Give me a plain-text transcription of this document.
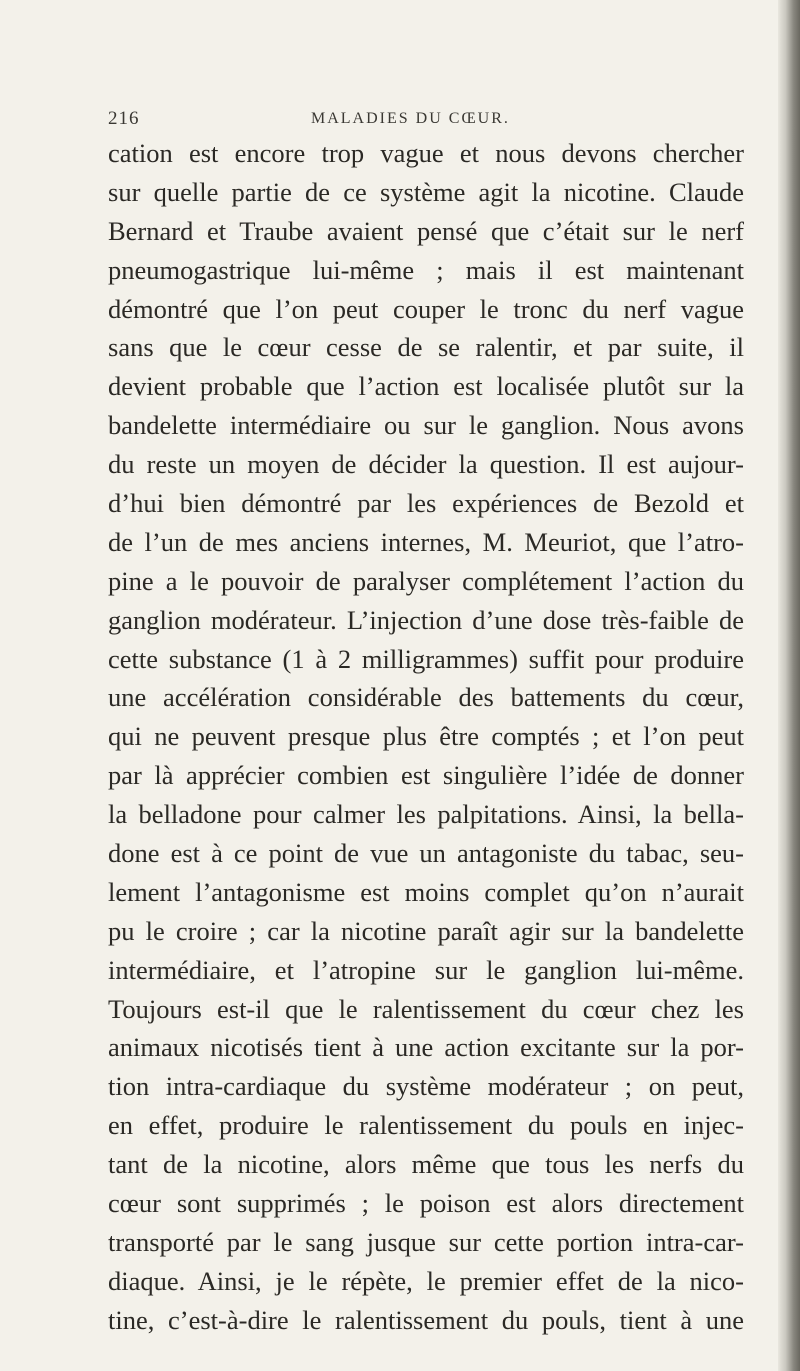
216	MALADIES DU CŒUR.
cation est encore trop vague et nous devons chercher
sur quelle partie de ce système agit la nicotine. Claude
Bernard et Traube avaient pensé que c’était sur le nerf
pneumogastrique lui-même ; mais il est maintenant
démontré que l’on peut couper le tronc du nerf vague
sans que le cœur cesse de se ralentir, et par suite, il
devient probable que l’action est localisée plutôt sur la
bandelette intermédiaire ou sur le ganglion. Nous avons
du reste un moyen de décider la question. Il est aujour-
d’hui bien démontré par les expériences de Bezold et
de l’un de mes anciens internes, M. Meuriot, que l’atro-
pine a le pouvoir de paralyser complétement l’action du
ganglion modérateur. L’injection d’une dose très-faible de
cette substance (1 à 2 milligrammes) suffit pour produire
une accélération considérable des battements du cœur,
qui ne peuvent presque plus être comptés ; et l’on peut
par là apprécier combien est singulière l’idée de donner
la belladone pour calmer les palpitations. Ainsi, la bella-
done est à ce point de vue un antagoniste du tabac, seu-
lement l’antagonisme est moins complet qu’on n’aurait
pu le croire ; car la nicotine paraît agir sur la bandelette
intermédiaire, et l’atropine sur le ganglion lui-même.
Toujours est-il que le ralentissement du cœur chez les
animaux nicotisés tient à une action excitante sur la por-
tion intra-cardiaque du système modérateur ; on peut,
en effet, produire le ralentissement du pouls en injec-
tant de la nicotine, alors même que tous les nerfs du
cœur sont supprimés ; le poison est alors directement
transporté par le sang jusque sur cette portion intra-car-
diaque. Ainsi, je le répète, le premier effet de la nico-
tine, c’est-à-dire le ralentissement du pouls, tient à une
